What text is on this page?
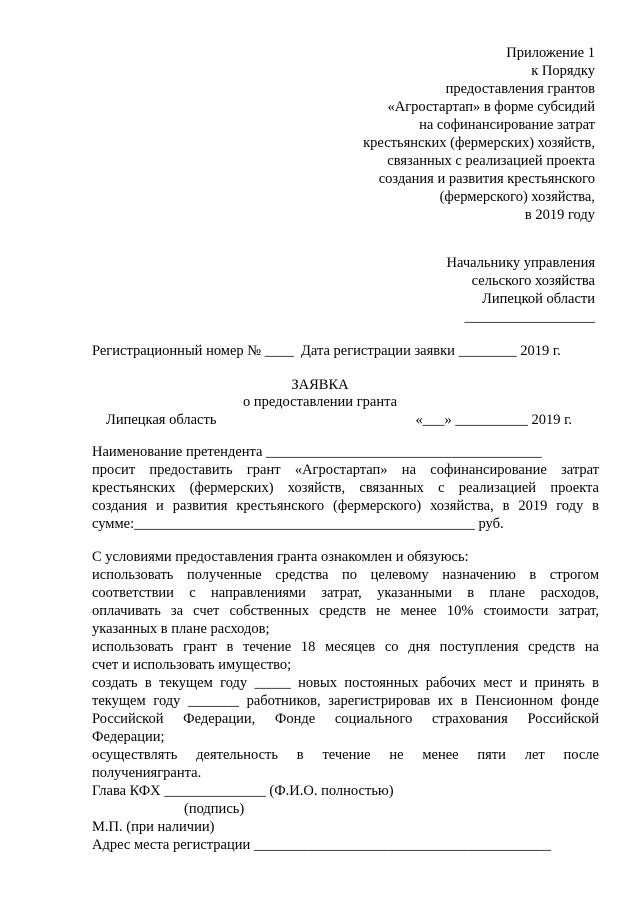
Приложение 1
к Порядку
предоставления грантов
«Агростартап» в форме субсидий
на софинансирование затрат
крестьянских (фермерских) хозяйств,
связанных с реализацией проекта
создания и развития крестьянского
(фермерского) хозяйства,
в 2019 году
Начальнику управления
сельского хозяйства
Липецкой области
__________________
Регистрационный номер № ____  Дата регистрации заявки ________ 2019 г.
ЗАЯВКА
о предоставлении гранта
Липецкая область	«___» __________ 2019 г.
Наименование претендента ______________________________________
просит предоставить грант «Агростартап» на софинансирование затрат
крестьянских (фермерских) хозяйств, связанных с реализацией проекта
создания и развития крестьянского (фермерского) хозяйства, в 2019 году в
сумме:_______________________________________________ руб.
С условиями предоставления гранта ознакомлен и обязуюсь:
использовать полученные средства по целевому назначению в строгом
соответствии с направлениями затрат, указанными в плане расходов,
оплачивать за счет собственных средств не менее 10% стоимости затрат,
указанных в плане расходов;
использовать грант в течение 18 месяцев со дня поступления средств на
счет и использовать имущество;
создать в текущем году _____ новых постоянных рабочих мест и принять в
текущем году _______ работников, зарегистрировав их в Пенсионном фонде
Российской Федерации, Фонде социального страхования Российской
Федерации;
осуществлять деятельность в течение не менее пяти лет после
получениягранта.
Глава КФХ ______________ (Ф.И.О. полностью)
(подпись)
М.П. (при наличии)
Адрес места регистрации _________________________________________
